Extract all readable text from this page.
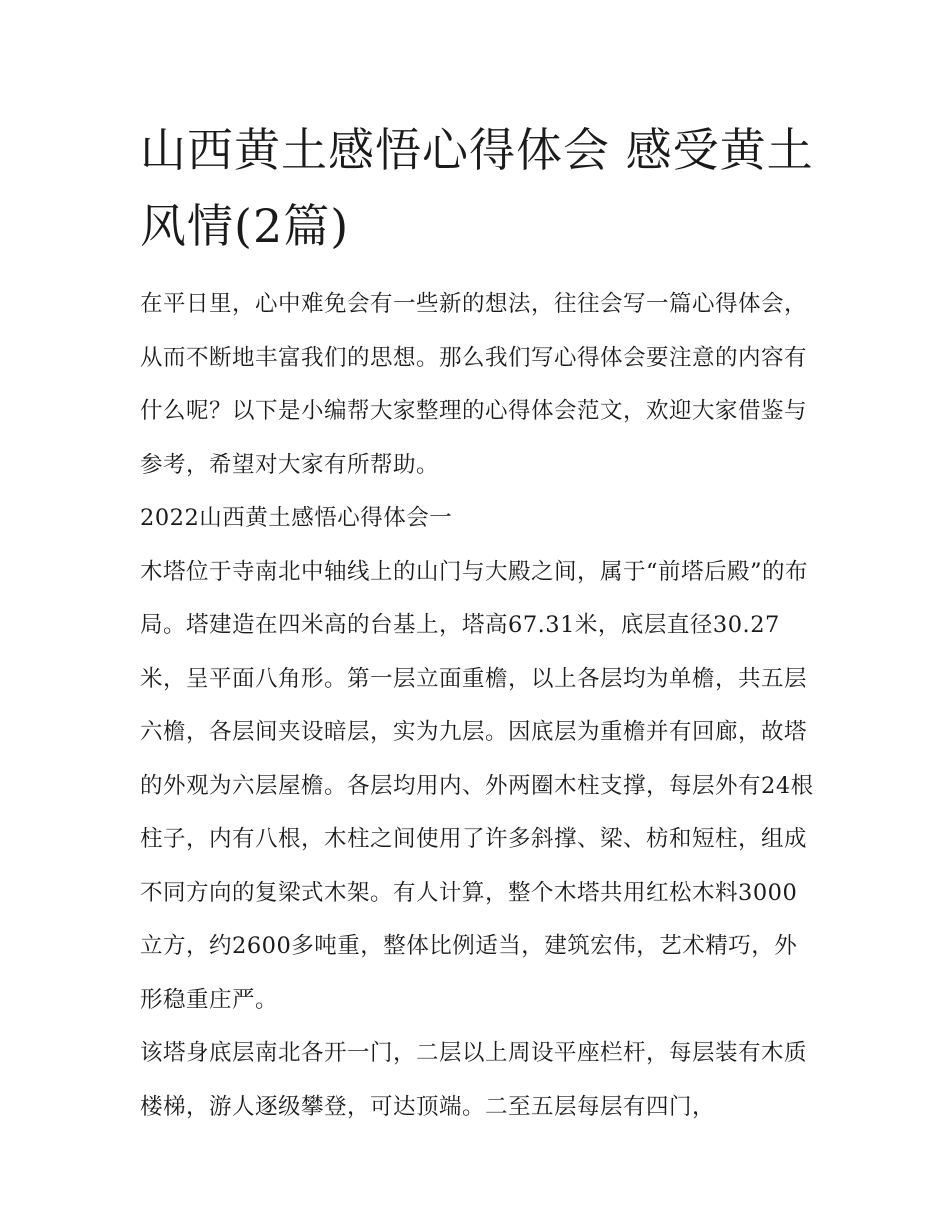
山西黄土感悟心得体会 感受黄土风情(2篇)

在平日里，心中难免会有一些新的想法，往往会写一篇心得体会，从而不断地丰富我们的思想。那么我们写心得体会要注意的内容有什么呢？以下是小编帮大家整理的心得体会范文，欢迎大家借鉴与参考，希望对大家有所帮助。

2022山西黄土感悟心得体会一

木塔位于寺南北中轴线上的山门与大殿之间，属于“前塔后殿”的布局。塔建造在四米高的台基上，塔高67.31米，底层直径30.27米，呈平面八角形。第一层立面重檐，以上各层均为单檐，共五层六檐，各层间夹设暗层，实为九层。因底层为重檐并有回廊，故塔的外观为六层屋檐。各层均用内、外两圈木柱支撑，每层外有24根柱子，内有八根，木柱之间使用了许多斜撑、梁、枋和短柱，组成不同方向的复梁式木架。有人计算，整个木塔共用红松木料3000立方，约2600多吨重，整体比例适当，建筑宏伟，艺术精巧，外形稳重庄严。

该塔身底层南北各开一门，二层以上周设平座栏杆，每层装有木质楼梯，游人逐级攀登，可达顶端。二至五层每层有四门，
